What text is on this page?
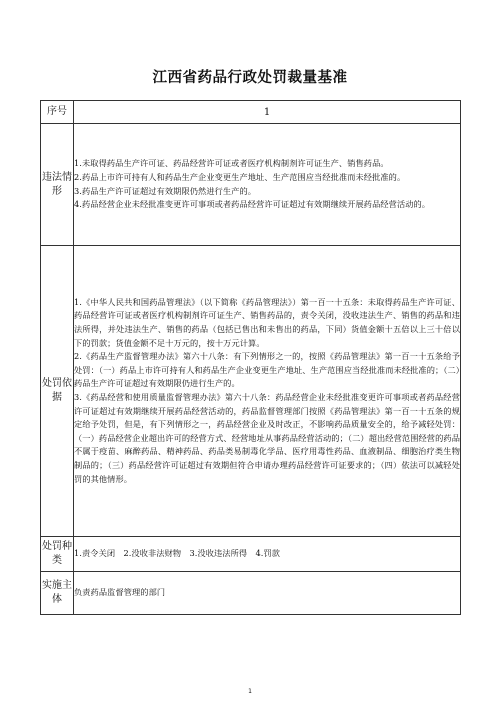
江西省药品行政处罚裁量基准
序号	1
违法情形	1.未取得药品生产许可证、药品经营许可证或者医疗机构制剂许可证生产、销售药品。

2.药品上市许可持有人和药品生产企业变更生产地址、生产范围应当经批准而未经批准的。

3.药品生产许可证超过有效期限仍然进行生产的。

4.药品经营企业未经批准变更许可事项或者药品经营许可证超过有效期继续开展药品经营活动的。

处罚依据	1.《中华人民共和国药品管理法》（以下简称《药品管理法》）第一百一十五条：未取得药品生产许可证、药品经营许可证或者医疗机构制剂许可证生产、销售药品的，责令关闭，没收违法生产、销售的药品和违法所得，并处违法生产、销售的药品（包括已售出和未售出的药品，下同）货值金额十五倍以上三十倍以下的罚款；货值金额不足十万元的，按十万元计算。

2.《药品生产监督管理办法》第六十八条：有下列情形之一的，按照《药品管理法》第一百一十五条给予处罚：（一）药品上市许可持有人和药品生产企业变更生产地址、生产范围应当经批准而未经批准的；（二）药品生产许可证超过有效期限仍进行生产的。

3.《药品经营和使用质量监督管理办法》第六十八条：药品经营企业未经批准变更许可事项或者药品经营许可证超过有效期继续开展药品经营活动的，药品监督管理部门按照《药品管理法》第一百一十五条的规定给予处罚，但是，有下列情形之一，药品经营企业及时改正，不影响药品质量安全的，给予减轻处罚：（一）药品经营企业超出许可的经营方式、经营地址从事药品经营活动的；（二）超出经营范围经营的药品不属于疫苗、麻醉药品、精神药品、药品类易制毒化学品、医疗用毒性药品、血液制品、细胞治疗类生物制品的；（三）药品经营许可证超过有效期但符合申请办理药品经营许可证要求的；（四）依法可以减轻处罚的其他情形。

处罚种类	1.责令关闭　2.没收非法财物　3.没收违法所得　4.罚款
实施主体	负责药品监督管理的部门
1
